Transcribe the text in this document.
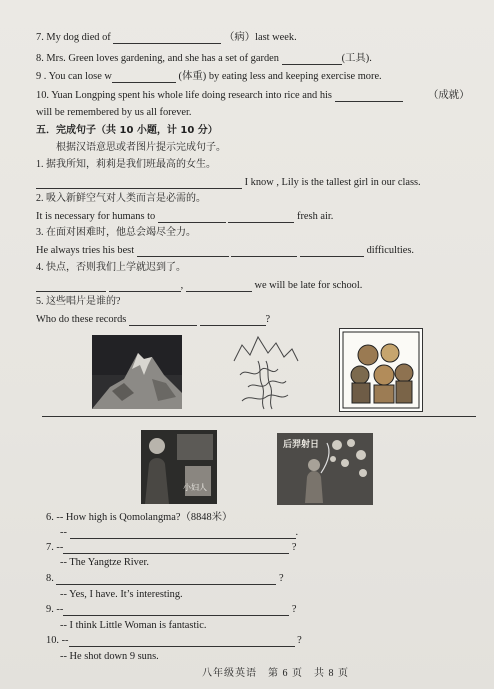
7. My dog died of	（病）last week.
8. Mrs. Green loves gardening, and she has a set of garden	(工具).
9 . You can lose w	(体重) by eating less and keeping exercise more.
10. Yuan Longping spent his whole life doing research into rice and his	（成就）
will be remembered by us all forever.
五．完成句子（共 10 小题，计 10 分）
根据汉语意思或者图片提示完成句子。
1. 据我所知，莉莉是我们班最高的女生。
I know , Lily is the tallest girl in our class.
2. 吸入新鲜空气对人类而言是必需的。
It is necessary for humans to	fresh air.
3. 在面对困难时，他总会竭尽全力。
He always tries his best	difficulties.
4. 快点，否则我们上学就迟到了。
,	we will be late for school.
5. 这些唱片是谁的?
Who do these records	?
小妇人
后羿射日
6. -- How high is Qomolangma?（8848米）
--	.
7. --	?
-- The Yangtze River.
8.	?
-- Yes, I have. It’s interesting.
9. --	?
-- I think Little Woman is fantastic.
10. --	?
-- He shot down 9 suns.
八年级英语　第 6 页　共 8 页
